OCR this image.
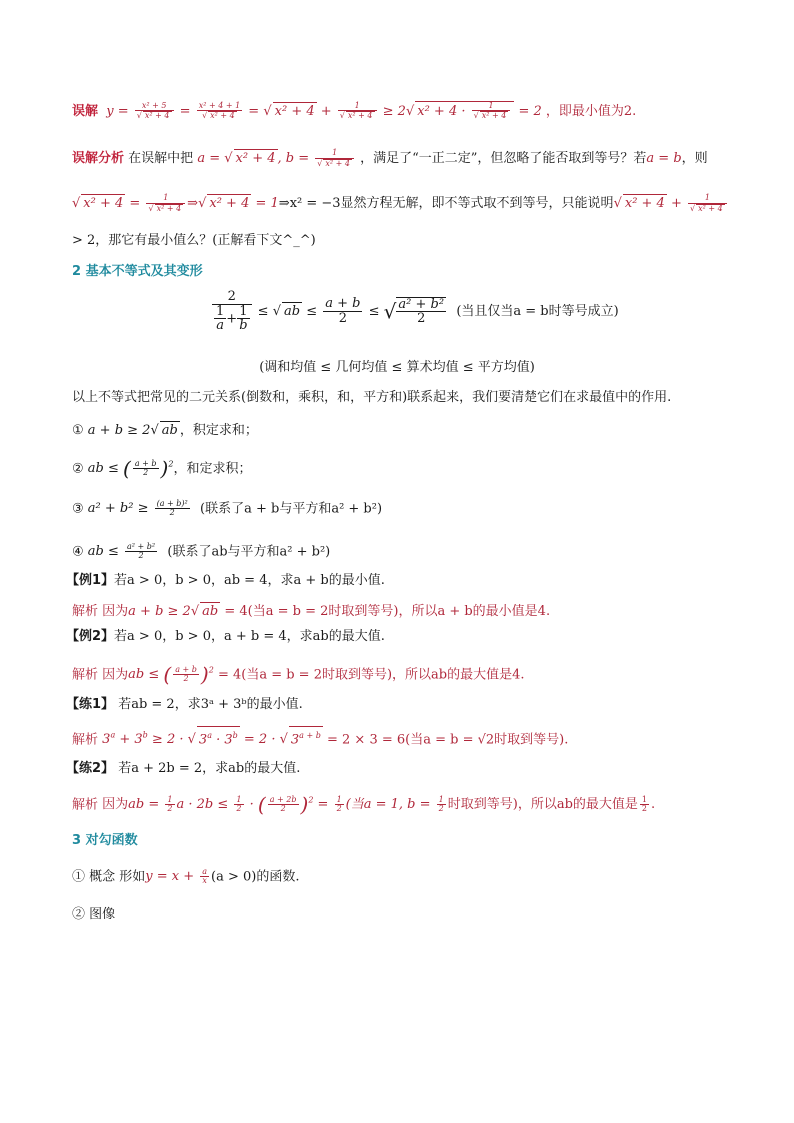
误解  y = x² + 5
√ x² + 4 = x² + 4 + 1
√ x² + 4 = √ x² + 4 + 1
√ x² + 4 ≥ 2 √ x² + 4 · 1
√ x² + 4 = 2 ，即最小值为2.
误解分析 在误解中把 a = √ x² + 4 , b = 1
√ x² + 4 ，满足了“一正二定”，但忽略了能否取到等号？若a = b，则
√ x² + 4 = 1
√ x² + 4 ⇒ √ x² + 4 = 1⇒x² = −3显然方程无解，即不等式取不到等号，只能说明 √ x² + 4 + 1
√ x² + 4
> 2，那它有最小值么？(正解看下文^_^)
2 基本不等式及其变形
$\frac{2}{\frac{1}{a} + \frac{1}{b}}$ ≤ √ ab ≤ $\frac{a + b}{2}$ ≤ √ $\frac{\text{a² + b²}}{2}$ (当且仅当a = b时等号成立)
(调和均值 ≤ 几何均值 ≤ 算术均值 ≤ 平方均值)
以上不等式把常见的二元关系(倒数和，乘积，和，平方和)联系起来，我们要清楚它们在求最值中的作用.
① a + b ≥ 2 √ ab ，积定求和；
② ab ≤ ( $\frac{a + b}{2} )^2$，和定求积；
③ $a^2 + b^2 \ge \frac{\text{(a + b)²}}{2}$ (联系了a + b与平方和a² + b²)
④ ab ≤ $\frac{\text{a² + b²}}{2}$ (联系了ab与平方和a² + b²)
【例1】若a > 0，b > 0，ab = 4，求a + b的最小值.
解析 因为a + b ≥ 2 √ ab = 4(当a = b = 2时取到等号)，所以a + b的最小值是4.
【例2】若a > 0，b > 0，a + b = 4，求ab的最大值.
解析 因为ab ≤ ( $\frac{a + b}{2} )^2 = 4$(当a = b = 2时取到等号)，所以ab的最大值是4.
【练1】 若ab = 2，求3ᵃ + 3ᵇ的最小值.
解析 $3^a + 3^b \ge 2$ · √ $3^a \cdot 3^b = 2$ · √ $3^{a + b} = 2 \times 3 = 6$(当a = b = √2时取到等号).
【练2】 若a + 2b = 2，求ab的最大值.
解析 因为ab = $\frac{1}{2}$ $a \cdot 2b \le \frac{1}{2}$ · ( $\frac{a + 2b}{2} )^2 = \frac{1}{2}$ (当a = 1, $b = \frac{1}{2}$ 时取到等号)，所以ab的最大值是 $\frac{1}{2}$ .
3 对勾函数
① 概念 形如$y = x + \frac{a}{x} (a > 0)$的函数.
② 图像
